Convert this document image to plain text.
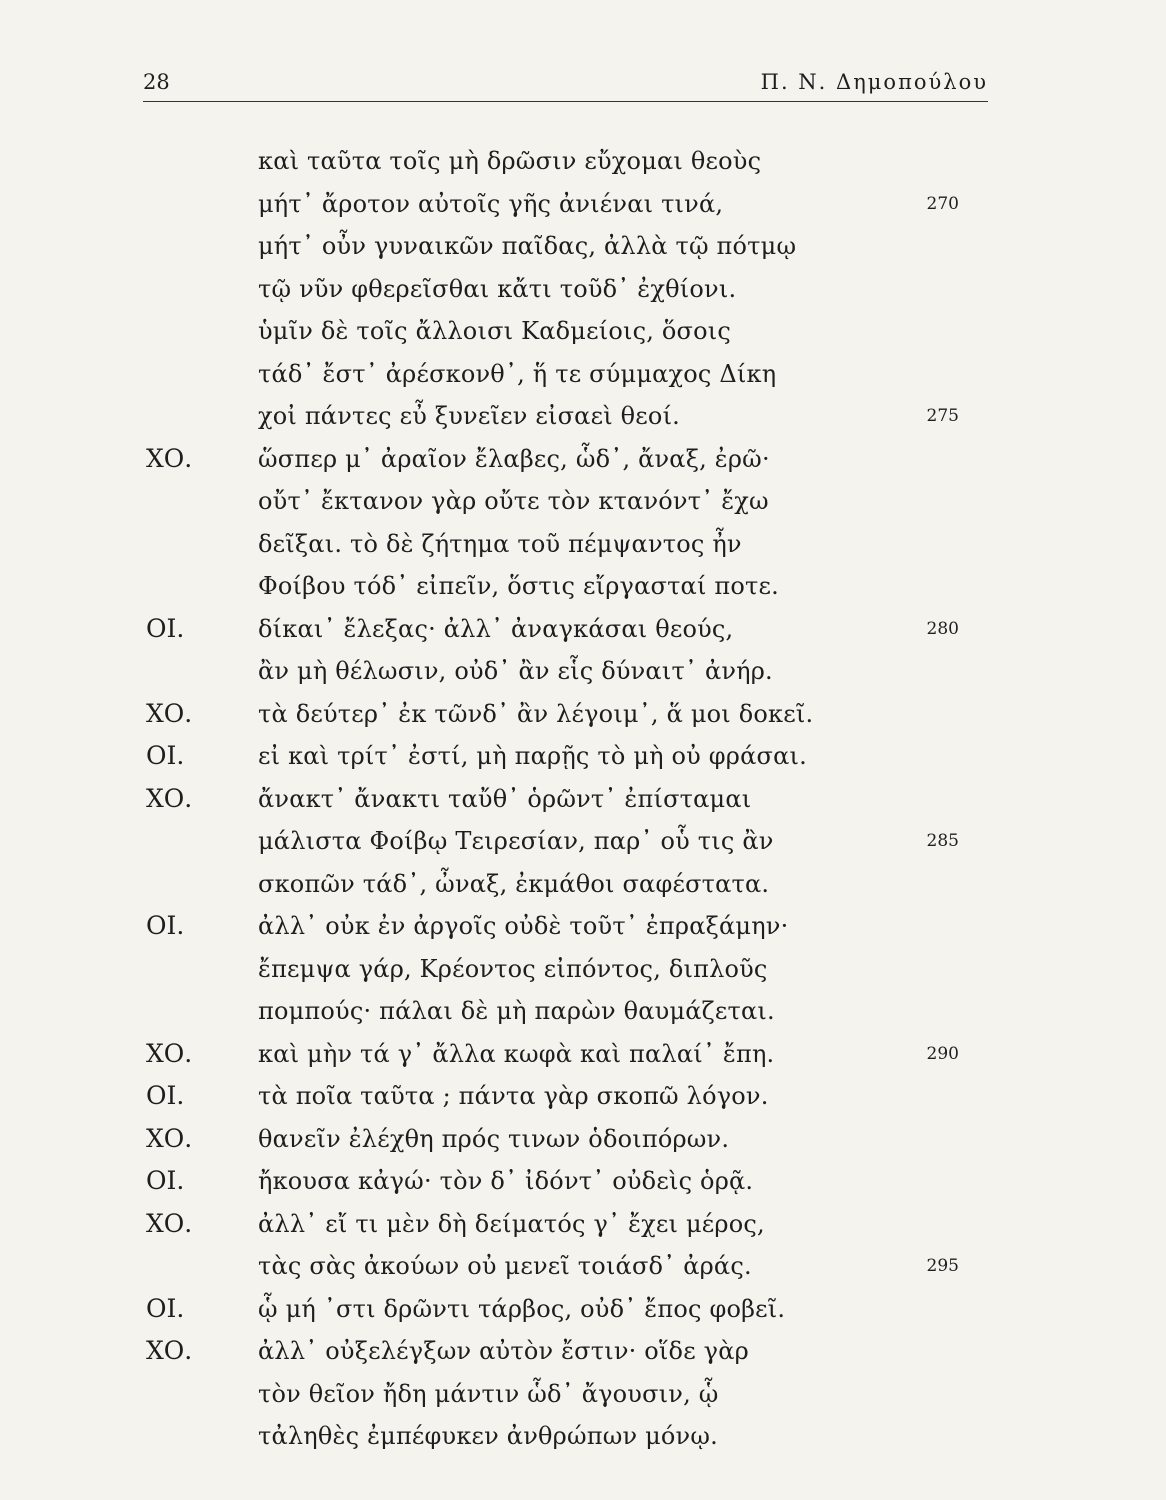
28	Π. Ν. Δημοπούλου
καὶ ταῦτα τοῖς μὴ δρῶσιν εὔχομαι θεοὺς
μήτ᾽ ἄροτον αὐτοῖς γῆς ἀνιέναι τινά,	270
μήτ᾽ οὖν γυναικῶν παῖδας, ἀλλὰ τῷ πότμῳ
τῷ νῦν φθερεῖσθαι κἄτι τοῦδ᾽ ἐχθίονι.
ὑμῖν δὲ τοῖς ἄλλοισι Καδμείοις, ὅσοις
τάδ᾽ ἔστ᾽ ἀρέσκονθ᾽, ἥ τε σύμμαχος Δίκη
χοἰ πάντες εὖ ξυνεῖεν εἰσαεὶ θεοί.	275
ΧΟ.	ὥσπερ μ᾽ ἀραῖον ἔλαβες, ὧδ᾽, ἄναξ, ἐρῶ·
οὔτ᾽ ἔκτανον γὰρ οὔτε τὸν κτανόντ᾽ ἔχω
δεῖξαι. τὸ δὲ ζήτημα τοῦ πέμψαντος ἦν
Φοίβου τόδ᾽ εἰπεῖν, ὅστις εἴργασταί ποτε.
ΟΙ.	δίκαι᾽ ἔλεξας· ἀλλ᾽ ἀναγκάσαι θεούς,	280
ἂν μὴ θέλωσιν, οὐδ᾽ ἂν εἷς δύναιτ᾽ ἀνήρ.
ΧΟ.	τὰ δεύτερ᾽ ἐκ τῶνδ᾽ ἂν λέγοιμ᾽, ἅ μοι δοκεῖ.
ΟΙ.	εἰ καὶ τρίτ᾽ ἐστί, μὴ παρῇς τὸ μὴ οὐ φράσαι.
ΧΟ.	ἄνακτ᾽ ἄνακτι ταὔθ᾽ ὁρῶντ᾽ ἐπίσταμαι
μάλιστα Φοίβῳ Τειρεσίαν, παρ᾽ οὗ τις ἂν	285
σκοπῶν τάδ᾽, ὦναξ, ἐκμάθοι σαφέστατα.
ΟΙ.	ἀλλ᾽ οὐκ ἐν ἀργοῖς οὐδὲ τοῦτ᾽ ἐπραξάμην·
ἔπεμψα γάρ, Κρέοντος εἰπόντος, διπλοῦς
πομπούς· πάλαι δὲ μὴ παρὼν θαυμάζεται.
ΧΟ.	καὶ μὴν τά γ᾽ ἄλλα κωφὰ καὶ παλαί᾽ ἔπη.	290
ΟΙ.	τὰ ποῖα ταῦτα ; πάντα γὰρ σκοπῶ λόγον.
ΧΟ.	θανεῖν ἐλέχθη πρός τινων ὁδοιπόρων.
ΟΙ.	ἤκουσα κἀγώ· τὸν δ᾽ ἰδόντ᾽ οὐδεὶς ὁρᾷ.
ΧΟ.	ἀλλ᾽ εἴ τι μὲν δὴ δείματός γ᾽ ἔχει μέρος,
τὰς σὰς ἀκούων οὐ μενεῖ τοιάσδ᾽ ἀράς.	295
ΟΙ.	ᾧ μή ᾽στι δρῶντι τάρβος, οὐδ᾽ ἔπος φοβεῖ.
ΧΟ.	ἀλλ᾽ οὐξελέγξων αὐτὸν ἔστιν· οἵδε γὰρ
τὸν θεῖον ἤδη μάντιν ὧδ᾽ ἄγουσιν, ᾧ
τἀληθὲς ἐμπέφυκεν ἀνθρώπων μόνῳ.
